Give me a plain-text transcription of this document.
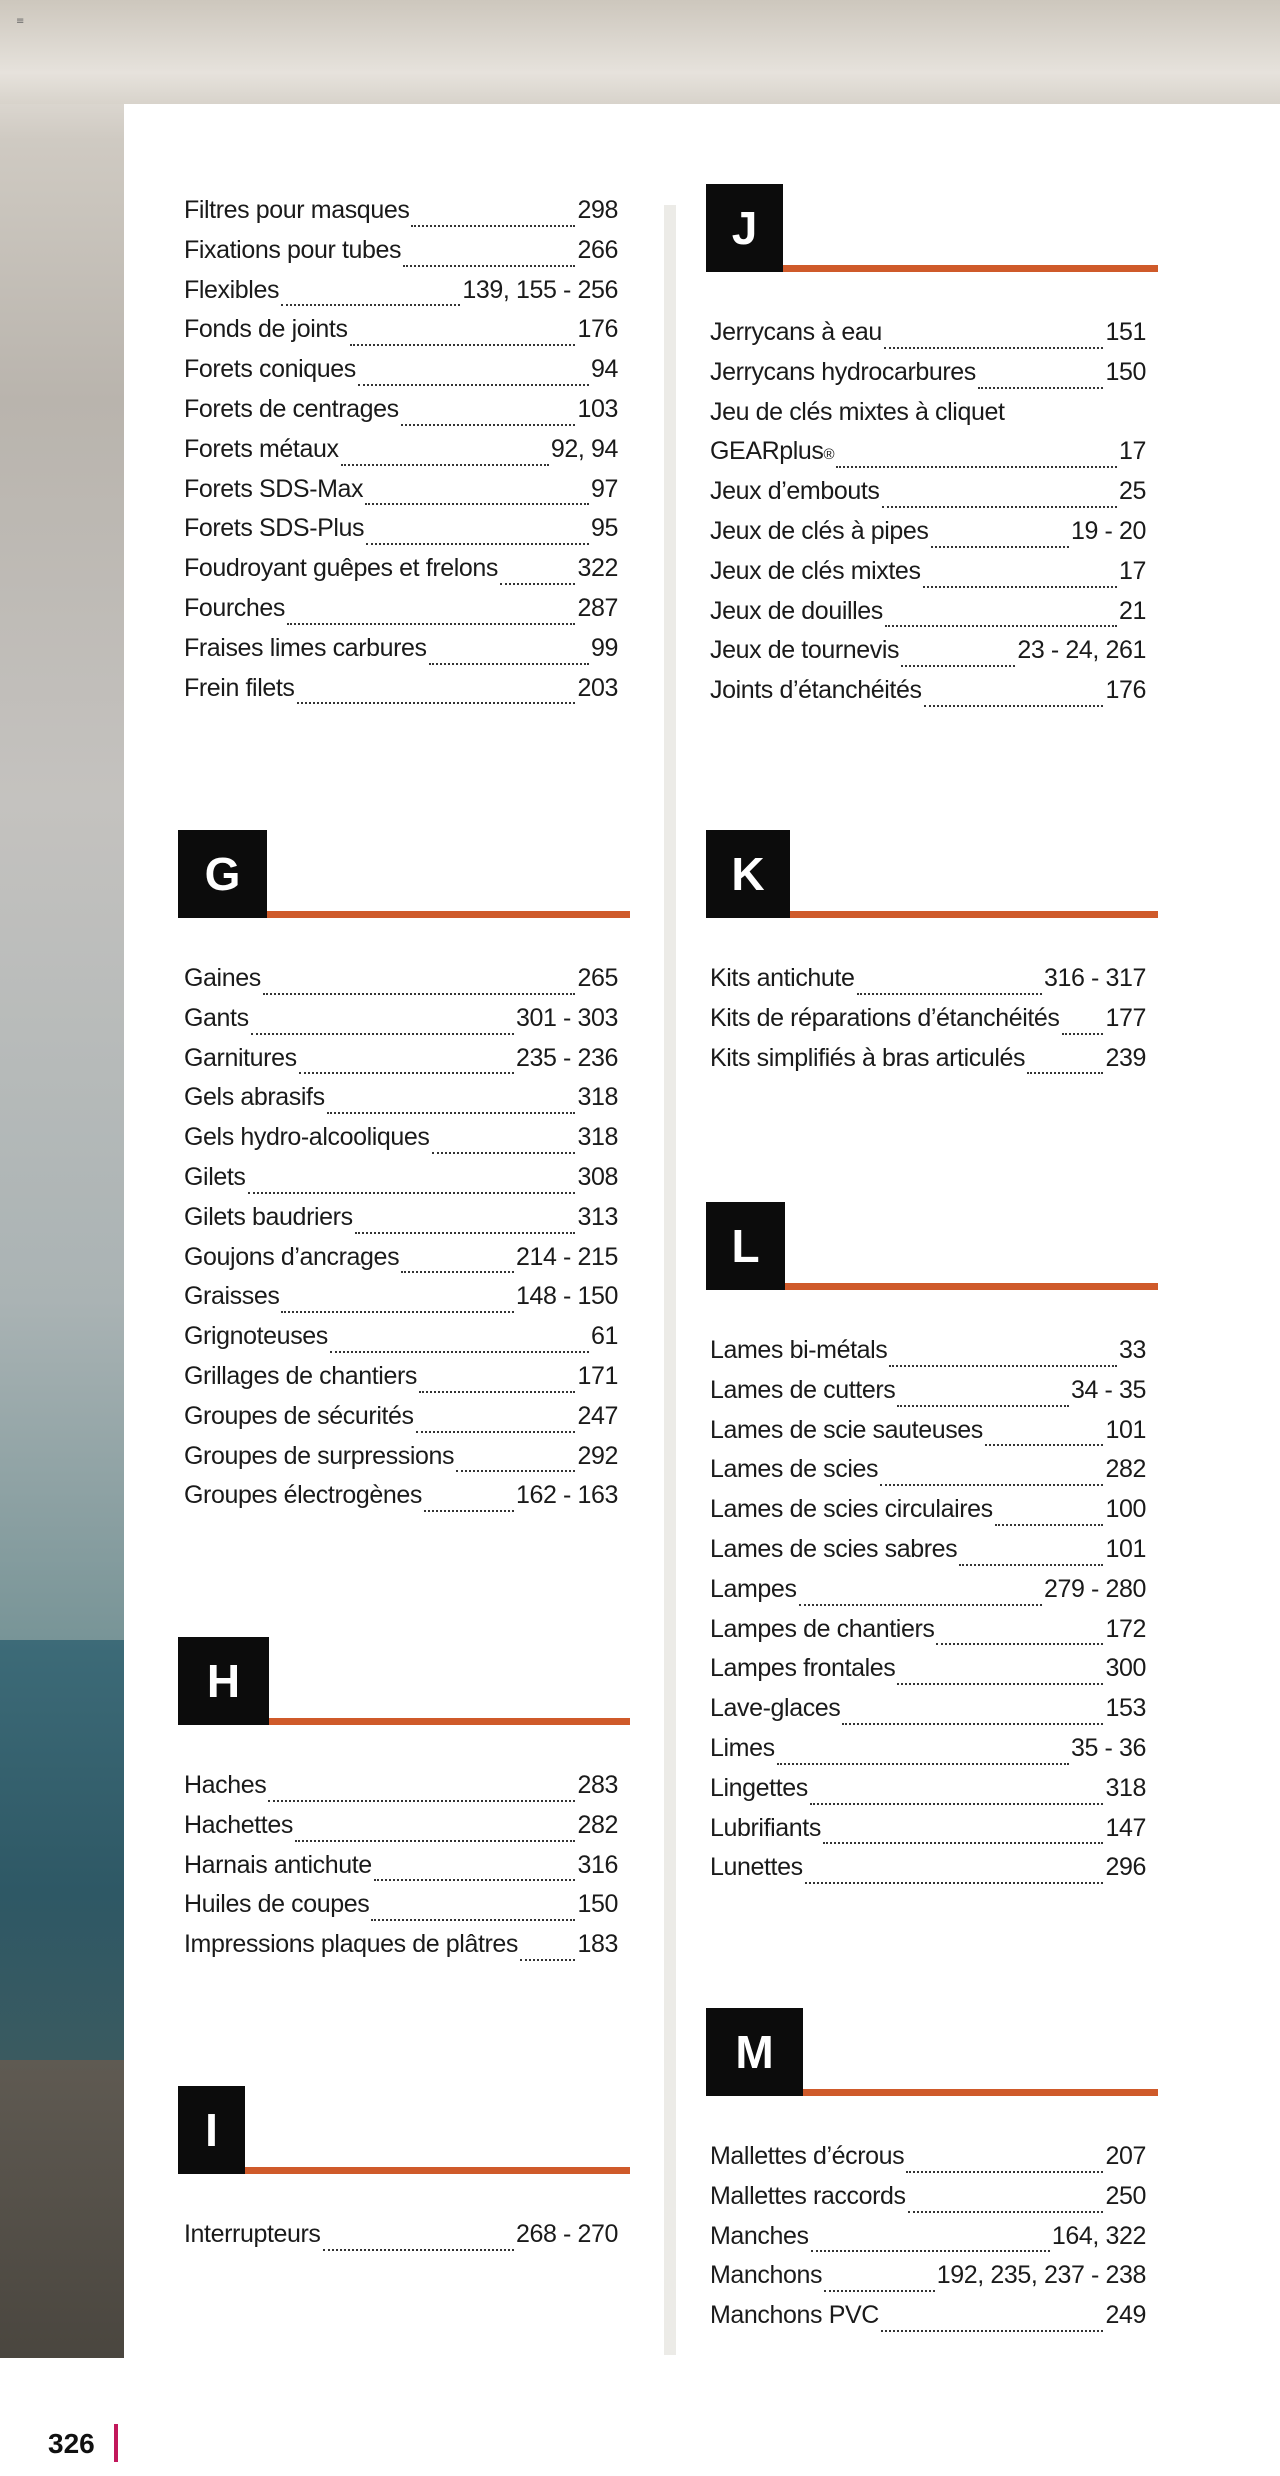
≡
Filtres pour masques	298
Fixations pour tubes	266
Flexibles	139, 155 - 256
Fonds de joints	176
Forets coniques	94
Forets de centrages	103
Forets métaux	92, 94
Forets SDS-Max	97
Forets SDS-Plus	95
Foudroyant guêpes et frelons	322
Fourches	287
Fraises limes carbures	99
Frein filets	203
G
Gaines	265
Gants	301 - 303
Garnitures	235 - 236
Gels abrasifs	318
Gels hydro-alcooliques	318
Gilets	308
Gilets baudriers	313
Goujons d’ancrages	214 - 215
Graisses	148 - 150
Grignoteuses	61
Grillages de chantiers	171
Groupes de sécurités	247
Groupes de surpressions	292
Groupes électrogènes	162 - 163
H
Haches	283
Hachettes	282
Harnais antichute	316
Huiles de coupes	150
Impressions plaques de plâtres 183
I
Interrupteurs	268 - 270
J
Jerrycans à eau	151
Jerrycans hydrocarbures	150
Jeu de clés mixtes à cliquet
GEARplus ®	17
Jeux d’embouts	25
Jeux de clés à pipes	19 - 20
Jeux de clés mixtes	17
Jeux de douilles	21
Jeux de tournevis	23 - 24, 261
Joints d’étanchéités	176
K
Kits antichute	316 - 317
Kits de réparations d’étanchéités 177
Kits simplifiés à bras articulés	239
L
Lames bi-métals	33
Lames de cutters	34 - 35
Lames de scie sauteuses	101
Lames de scies	282
Lames de scies circulaires	100
Lames de scies sabres	101
Lampes	279 - 280
Lampes de chantiers	172
Lampes frontales	300
Lave-glaces	153
Limes	35 - 36
Lingettes	318
Lubrifiants	147
Lunettes	296
M
Mallettes d’écrous	207
Mallettes raccords	250
Manches	164, 322
Manchons	192, 235, 237 - 238
Manchons PVC	249
326
